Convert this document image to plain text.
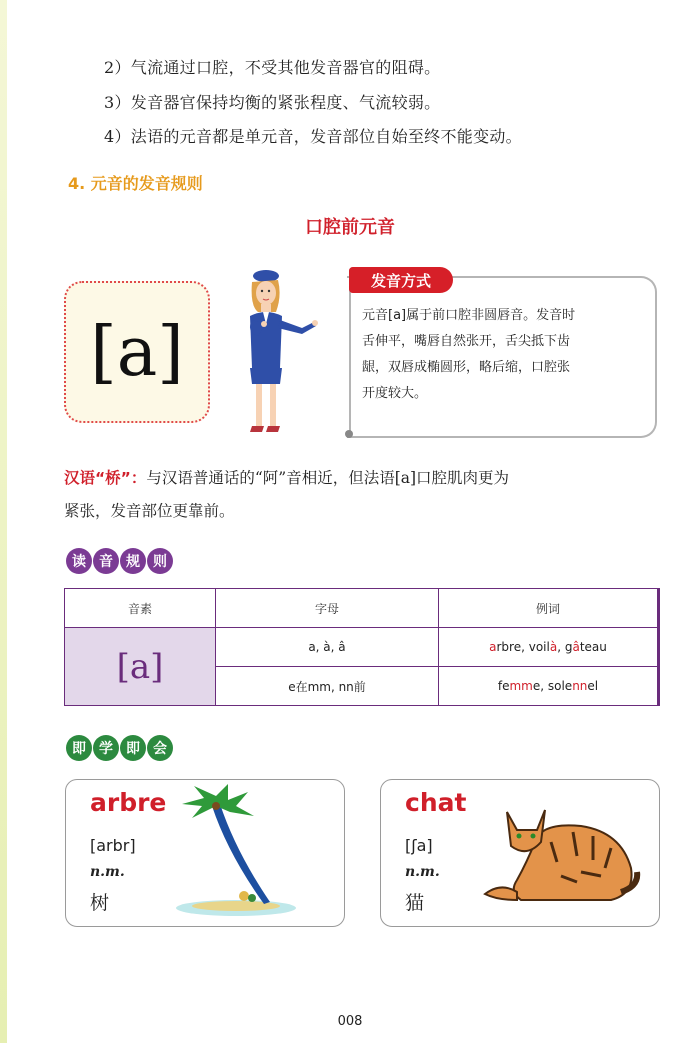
2）气流通过口腔，不受其他发音器官的阻碍。
3）发音器官保持均衡的紧张程度、气流较弱。
4）法语的元音都是单元音，发音部位自始至终不能变动。
4. 元音的发音规则
口腔前元音
[a]
发音方式
元音[a]属于前口腔非圆唇音。发音时
舌伸平，嘴唇自然张开，舌尖抵下齿
龈，双唇成椭圆形，略后缩，口腔张
开度较大。
汉语“桥”：与汉语普通话的“阿”音相近，但法语[a]口腔肌肉更为
紧张，发音部位更靠前。
读 音 规 则
音素	字母	例词
[a]	a, à, â	arbre, voilà, gâteau
	e在mm, nn前	femme, solennel
即 学 即 会
arbre
[arbr]
n.m.
树
chat
[ʃa]
n.m.
猫
008
